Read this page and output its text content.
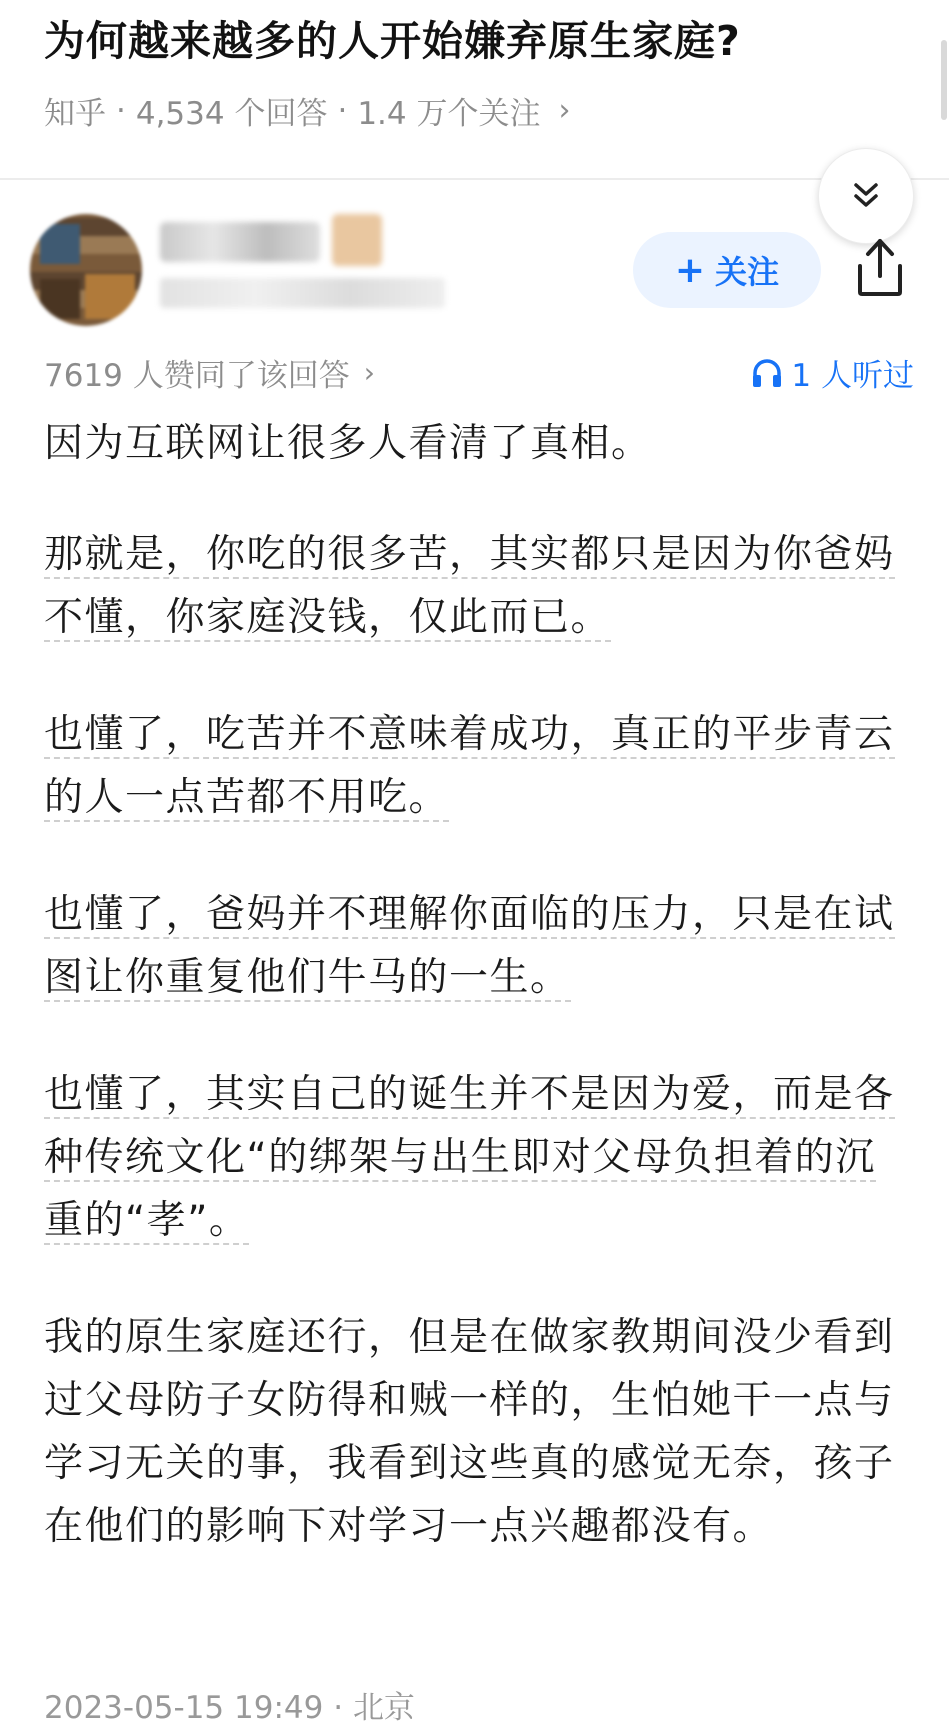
为何越来越多的人开始嫌弃原生家庭?
知乎 · 4,534 个回答 · 1.4 万个关注 ›
+ 关注
7619 人赞同了该回答 ›	1 人听过

因为互联网让很多人看清了真相。

那就是，你吃的很多苦，其实都只是因为你爸妈不懂，你家庭没钱，仅此而已。

也懂了，吃苦并不意味着成功，真正的平步青云的人一点苦都不用吃。

也懂了，爸妈并不理解你面临的压力，只是在试图让你重复他们牛马的一生。

也懂了，其实自己的诞生并不是因为爱，而是各种传统文化“的绑架与出生即对父母负担着的沉重的“孝”。

我的原生家庭还行，但是在做家教期间没少看到过父母防子女防得和贼一样的，生怕她干一点与学习无关的事，我看到这些真的感觉无奈，孩子在他们的影响下对学习一点兴趣都没有。

2023-05-15 19:49 · 北京
